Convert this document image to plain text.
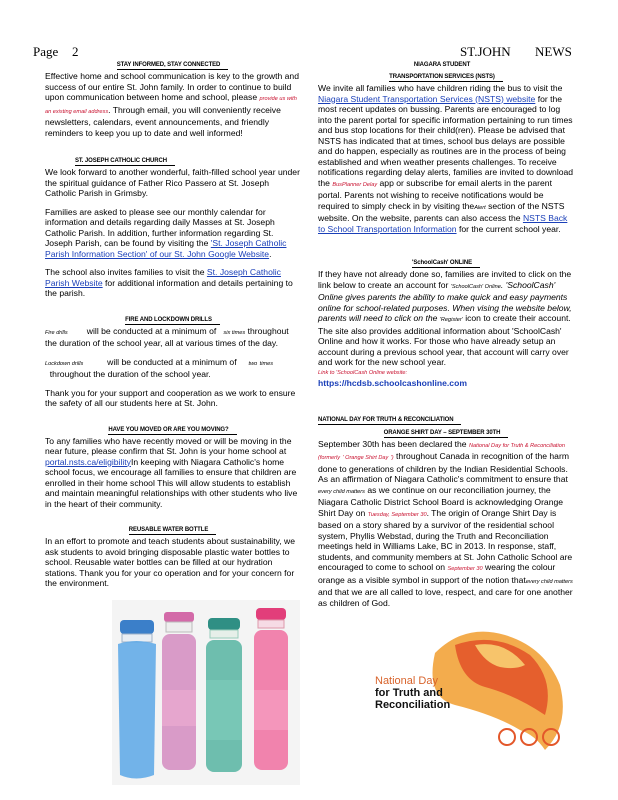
Page 2	ST.JOHN NEWS
STAY INFORMED, STAY CONNECTED

Effective home and school communication is key to the growth and success of our entire St. John family. In order to continue to build upon communication between home and school, please provide us with an existing email address. Through email, you will conveniently receive newsletters, calendars, event announcements, and friendly reminders to keep you up to date and well informed!

ST. JOSEPH CATHOLIC CHURCH

We look forward to another wonderful, faith-filled school year under the spiritual guidance of Father Rico Passero at St. Joseph Catholic Parish in Grimsby.

Families are asked to please see our monthly calendar for information and details regarding daily Masses at St. Joseph Catholic Parish. In addition, further information regarding St. Joseph Parish, can be found by visiting the 'St. Joseph Catholic Parish Information Section' of our St. John Google Website.

The school also invites families to visit the St. Joseph Catholic Parish Website for additional information and details pertaining to the parish.

FIRE AND LOCKDOWN DRILLS

Fire drills will be conducted at a minimum of six times throughout the duration of the school year, all at various times of the day.

Lockdown drills	will be conducted at a minimum of two times   throughout the duration of the school year.

Thank you for your support and cooperation as we work to ensure the safety of all our students here at St. John.

HAVE YOU MOVED OR ARE YOU MOVING?

To any families who have recently moved or will be moving in the near future, please confirm that St. John is your home school at portal.nsts.ca/eligibilityIn keeping with Niagara Catholic's home school focus, we encourage all families to ensure that children are enrolled in their home school This will allow students to establish and maintain meaningful relationships with other students who live in the heart of their community.

REUSABLE WATER BOTTLE

In an effort to promote and teach students about sustainability, we ask students to avoid bringing disposable plastic water bottles to school. Reusable water bottles can be filled at our hydration stations. Thank you for your co operation and for your concern for the environment.

NIAGARA STUDENT
TRANSPORTATION SERVICES (NSTS)

We invite all families who have children riding the bus to visit the Niagara Student Transportation Services (NSTS) website for the most recent updates on bussing. Parents are encouraged to log into the parent portal for specific information pertaining to run times and bus stop locations for their child(ren). Please be advised that NSTS has indicated that at times, school bus delays are possible and do happen, especially as routines are in the process of being established and when weather presents challenges. To receive notifications regarding delay alerts, families are invited to download the BusPlanner Delay app or subscribe for email alerts in the parent portal. Parents not wishing to receive notifications would be required to simply check in by visiting theAlert section of the NSTS website. On the website, parents can also access the NSTS Back to School Transportation Information for the current school year.

'SchoolCash' ONLINE

If they have not already done so, families are invited to click on the link below to create an account for 'SchoolCash' Online. 'SchoolCash' Online gives parents the ability to make quick and easy payments online for school-related purposes. When vising the website below, parents will need to click on the 'Register' icon to create their account. The site also provides additional information about 'SchoolCash' Online and how it works. For those who have already setup an account during a previous school year, that account will carry over and work for the new school year.

Link to 'SchoolCash Online website:
https://hcdsb.schoolcashonline.com
NATIONAL DAY FOR TRUTH & RECONCILIATION
ORANGE SHIRT DAY – SEPTEMBER 30TH

September 30th has been declared the National Day for Truth & Reconciliation (formerly ' Orange Shirt Day ') throughout Canada in recognition of the harm done to generations of children by the Indian Residential Schools. As an affirmation of Niagara Catholic's commitment to ensure that every child matters as we continue on our reconciliation journey, the Niagara Catholic District School Board is acknowledging Orange Shirt Day on Tuesday, September 30. The origin of Orange Shirt Day is based on a story shared by a survivor of the residential school system, Phyllis Webstad, during the Truth and Reconciliation meetings held in Williams Lake, BC in 2013. In response, staff, students, and community members at St. John Catholic School are encouraged to come to school on September 30 wearing the colour orange as a visible symbol in support of the notion thatevery child matters and that we are all called to love, respect, and care for one another as children of God.

National Day
for Truth and
Reconciliation
